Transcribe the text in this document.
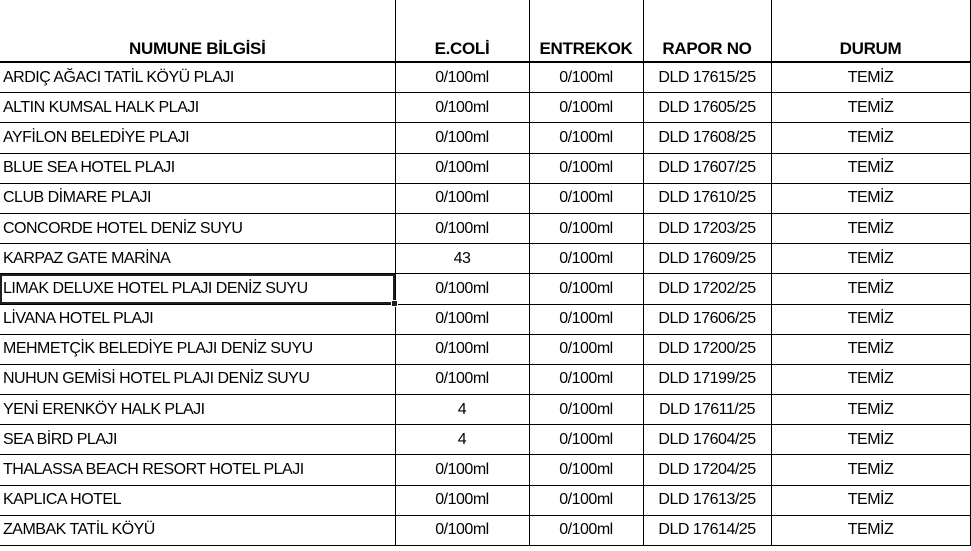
NUMUNE BİLGİSİ	E.COLİ	ENTREKOK	RAPOR NO	DURUM
ARDIÇ AĞACI TATİL KÖYÜ PLAJI	0/100ml	0/100ml	DLD 17615/25	TEMİZ
ALTIN KUMSAL HALK PLAJI	0/100ml	0/100ml	DLD 17605/25	TEMİZ
AYFİLON BELEDİYE PLAJI	0/100ml	0/100ml	DLD 17608/25	TEMİZ
BLUE SEA HOTEL PLAJI	0/100ml	0/100ml	DLD 17607/25	TEMİZ
CLUB DİMARE PLAJI	0/100ml	0/100ml	DLD 17610/25	TEMİZ
CONCORDE HOTEL DENİZ SUYU	0/100ml	0/100ml	DLD 17203/25	TEMİZ
KARPAZ GATE MARİNA	43	0/100ml	DLD 17609/25	TEMİZ
LIMAK DELUXE HOTEL PLAJI DENİZ SUYU	0/100ml	0/100ml	DLD 17202/25	TEMİZ
LİVANA HOTEL PLAJI	0/100ml	0/100ml	DLD 17606/25	TEMİZ
MEHMETÇİK BELEDİYE PLAJI DENİZ SUYU	0/100ml	0/100ml	DLD 17200/25	TEMİZ
NUHUN GEMİSİ HOTEL PLAJI DENİZ SUYU	0/100ml	0/100ml	DLD 17199/25	TEMİZ
YENİ ERENKÖY HALK PLAJI	4	0/100ml	DLD 17611/25	TEMİZ
SEA BİRD PLAJI	4	0/100ml	DLD 17604/25	TEMİZ
THALASSA BEACH RESORT HOTEL PLAJI	0/100ml	0/100ml	DLD 17204/25	TEMİZ
KAPLICA HOTEL	0/100ml	0/100ml	DLD 17613/25	TEMİZ
ZAMBAK TATİL KÖYÜ	0/100ml	0/100ml	DLD 17614/25	TEMİZ
